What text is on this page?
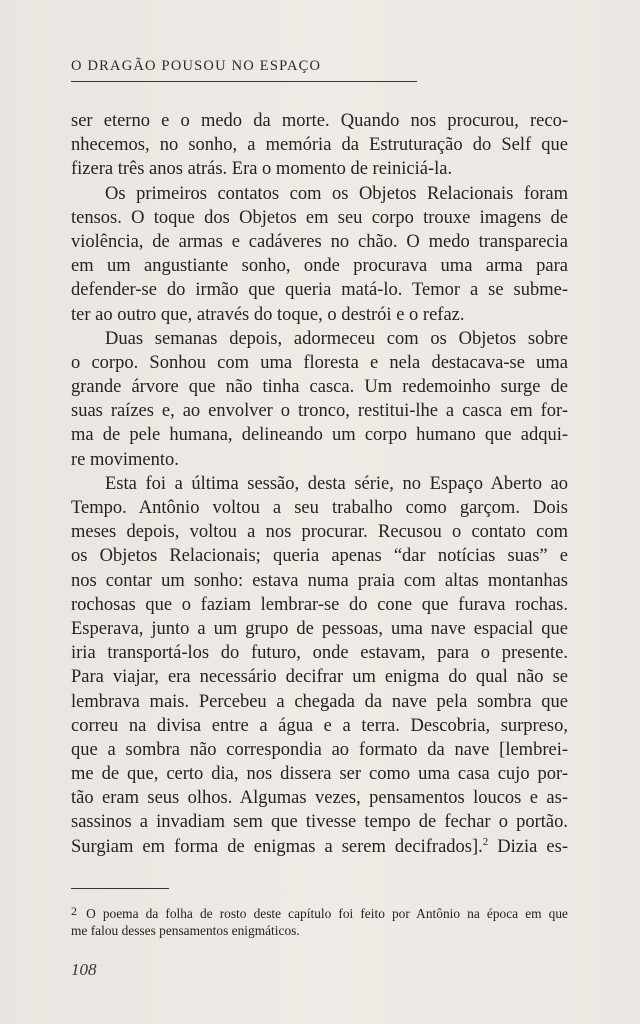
O DRAGÃO POUSOU NO ESPAÇO
ser eterno e o medo da morte. Quando nos procurou, reco-
nhecemos, no sonho, a memória da Estruturação do Self que
fizera três anos atrás. Era o momento de reiniciá-la.
Os primeiros contatos com os Objetos Relacionais foram
tensos. O toque dos Objetos em seu corpo trouxe imagens de
violência, de armas e cadáveres no chão. O medo transparecia
em um angustiante sonho, onde procurava uma arma para
defender-se do irmão que queria matá-lo. Temor a se subme-
ter ao outro que, através do toque, o destrói e o refaz.
Duas semanas depois, adormeceu com os Objetos sobre
o corpo. Sonhou com uma floresta e nela destacava-se uma
grande árvore que não tinha casca. Um redemoinho surge de
suas raízes e, ao envolver o tronco, restitui-lhe a casca em for-
ma de pele humana, delineando um corpo humano que adqui-
re movimento.
Esta foi a última sessão, desta série, no Espaço Aberto ao
Tempo. Antônio voltou a seu trabalho como garçom. Dois
meses depois, voltou a nos procurar. Recusou o contato com
os Objetos Relacionais; queria apenas “dar notícias suas” e
nos contar um sonho: estava numa praia com altas montanhas
rochosas que o faziam lembrar-se do cone que furava rochas.
Esperava, junto a um grupo de pessoas, uma nave espacial que
iria transportá-los do futuro, onde estavam, para o presente.
Para viajar, era necessário decifrar um enigma do qual não se
lembrava mais. Percebeu a chegada da nave pela sombra que
correu na divisa entre a água e a terra. Descobria, surpreso,
que a sombra não correspondia ao formato da nave [lembrei-
me de que, certo dia, nos dissera ser como uma casa cujo por-
tão eram seus olhos. Algumas vezes, pensamentos loucos e as-
sassinos a invadiam sem que tivesse tempo de fechar o portão.
Surgiam em forma de enigmas a serem decifrados].$^2$ Dizia es-
2 O poema da folha de rosto deste capítulo foi feito por Antônio na época em que
me falou desses pensamentos enigmáticos.
108
